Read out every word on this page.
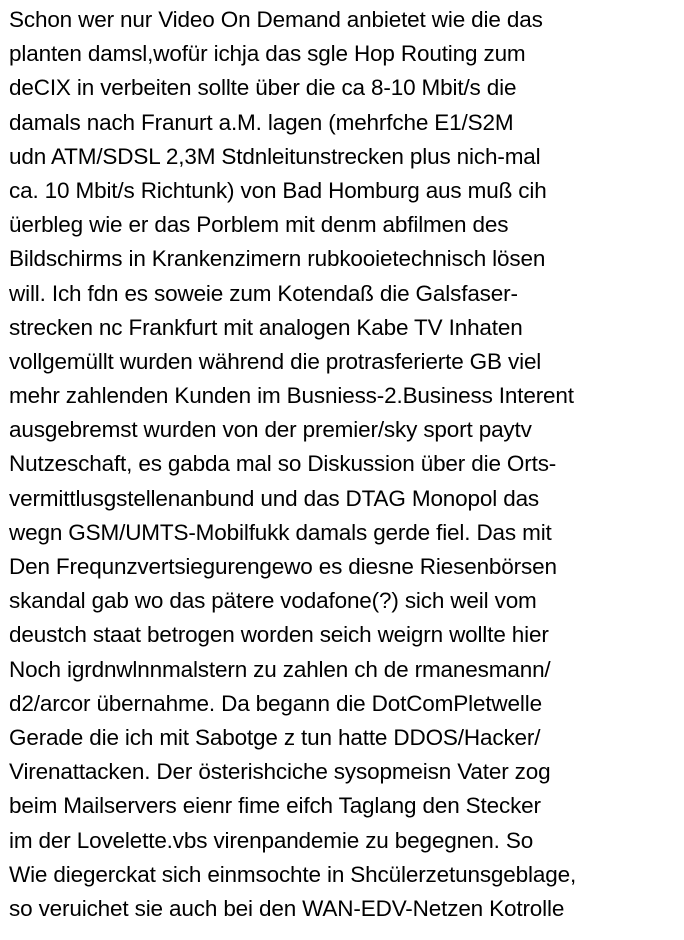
Schon wer nur Video On Demand anbietet wie die das
planten damsl,wofür ichja das sgle Hop Routing zum
deCIX in verbeiten sollte über die ca 8-10 Mbit/s die
damals nach Franurt a.M. lagen (mehrfche E1/S2M
udn ATM/SDSL 2,3M Stdnleitunstrecken plus nich-mal
ca. 10 Mbit/s Richtunk) von Bad Homburg aus muß cih
üerbleg wie er das Porblem mit denm abfilmen des
Bildschirms in Krankenzimern rubkooietechnisch lösen
will. Ich fdn es soweie zum Kotendaß die Galsfaser-
strecken nc Frankfurt mit analogen Kabe TV Inhaten
vollgemüllt wurden während die protrasferierte GB viel
mehr zahlenden Kunden im Busniess-2.Business Interent
ausgebremst wurden von der premier/sky sport paytv
Nutzeschaft, es gabda mal so Diskussion über die Orts-
vermittlusgstellenanbund und das DTAG Monopol das
wegn GSM/UMTS-Mobilfukk damals gerde fiel. Das mit
Den Frequnzvertsiegurengewo es diesne Riesenbörsen
skandal gab wo das pätere vodafone(?) sich weil vom
deustch staat betrogen worden seich weigrn wollte hier
Noch igrdnwlnnmalstern zu zahlen ch de rmanesmann/
d2/arcor übernahme. Da begann die DotComPletwelle
Gerade die ich mit Sabotge z tun hatte DDOS/Hacker/
Virenattacken. Der österishciche sysopmeisn Vater zog
beim Mailservers eienr fime eifch Taglang den Stecker
im der Lovelette.vbs virenpandemie zu begegnen. So
Wie diegerckat sich einmsochte in Shcülerzetunsgeblage,
so veruichet sie auch bei den WAN-EDV-Netzen Kotrolle
